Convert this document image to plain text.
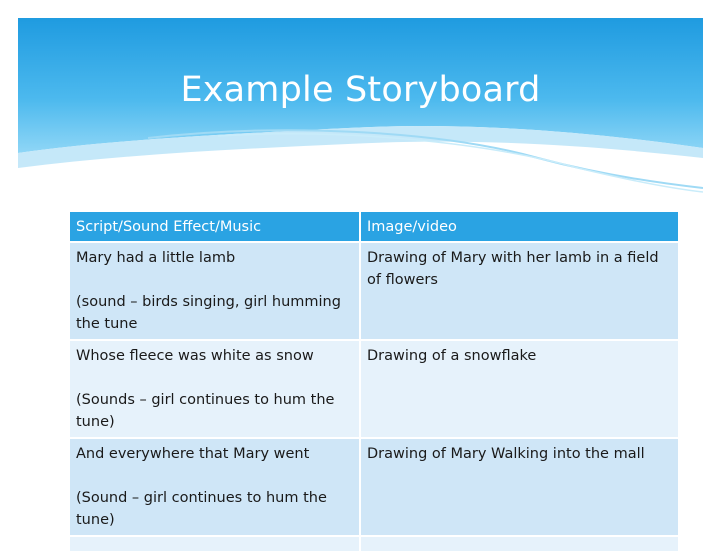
Example Storyboard
Script/Sound Effect/Music	Image/video

Mary had a little lamb
(sound – birds singing, girl humming the tune	Drawing of Mary with her lamb in a field of flowers

Whose fleece was white as snow
(Sounds – girl continues to hum the tune)	Drawing of a snowflake

And everywhere that Mary went
(Sound – girl continues to hum the tune)	Drawing of Mary Walking into the mall
